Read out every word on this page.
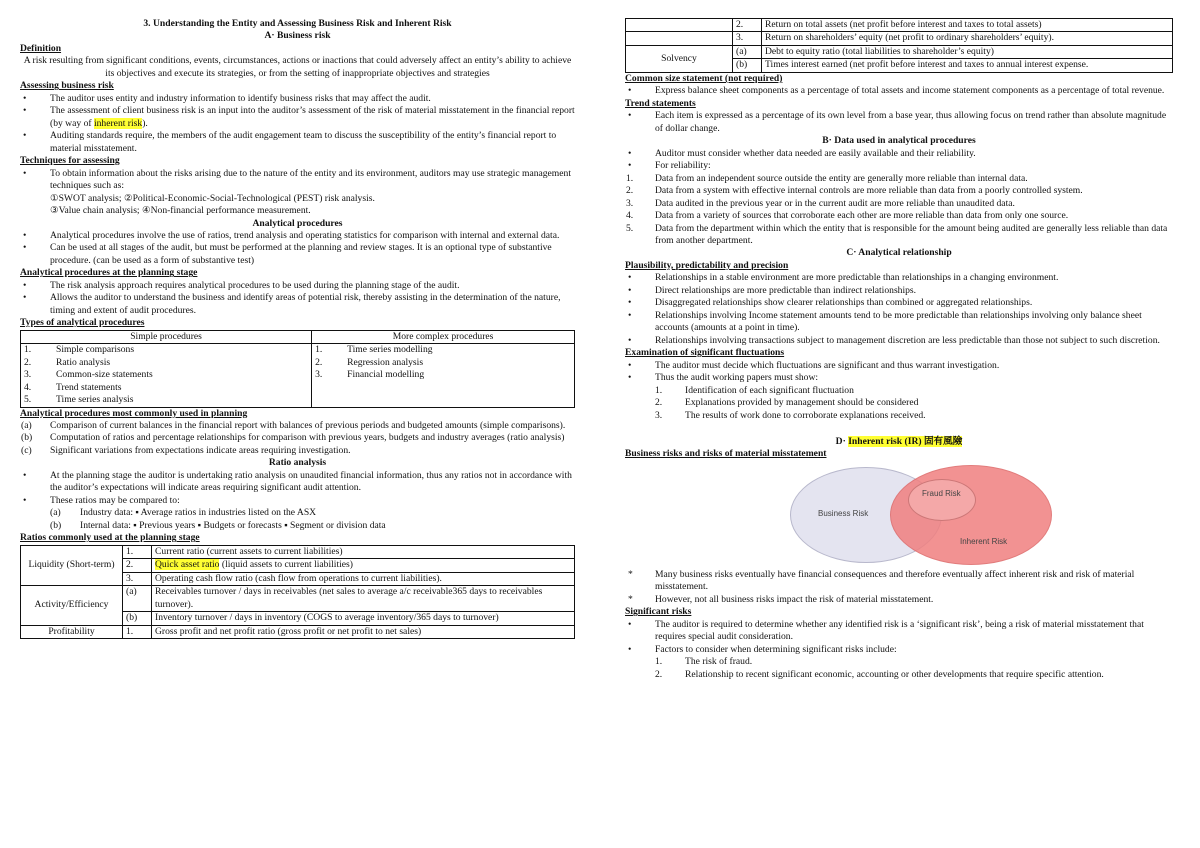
3. Understanding the Entity and Assessing Business Risk and Inherent Risk
A· Business risk
Definition

A risk resulting from significant conditions, events, circumstances, actions or inactions that could adversely affect an entity’s ability to achieve its objectives and execute its strategies, or from the setting of inappropriate objectives and strategies

Assessing business risk
• The auditor uses entity and industry information to identify business risks that may affect the audit.
• The assessment of client business risk is an input into the auditor’s assessment of the risk of material misstatement in the financial report (by way of inherent risk).
• Auditing standards require, the members of the audit engagement team to discuss the susceptibility of the entity’s financial report to material misstatement.
Techniques for assessing
• To obtain information about the risks arising due to the nature of the entity and its environment, auditors may use strategic management techniques such as:
①SWOT analysis; ②Political-Economic-Social-Technological (PEST) risk analysis.
③Value chain analysis; ④Non-financial performance measurement.
Analytical procedures
• Analytical procedures involve the use of ratios, trend analysis and operating statistics for comparison with internal and external data.
• Can be used at all stages of the audit, but must be performed at the planning and review stages. It is an optional type of substantive procedure. (can be used as a form of substantive test)
Analytical procedures at the planning stage
• The risk analysis approach requires analytical procedures to be used during the planning stage of the audit.
• Allows the auditor to understand the business and identify areas of potential risk, thereby assisting in the determination of the nature, timing and extent of audit procedures.
Types of analytical procedures
Simple procedures		More complex procedures	
1.	Simple comparisons	1.	Time series modelling
2.	Ratio analysis	2.	Regression analysis
3.	Common-size statements	3.	Financial modelling
4.	Trend statements		
5.	Time series analysis		
Analytical procedures most commonly used in planning
(a) Comparison of current balances in the financial report with balances of previous periods and budgeted amounts (simple comparisons).
(b) Computation of ratios and percentage relationships for comparison with previous years, budgets and industry averages (ratio analysis)
(c) Significant variations from expectations indicate areas requiring investigation.
Ratio analysis
• At the planning stage the auditor is undertaking ratio analysis on unaudited financial information, thus any ratios not in accordance with the auditor’s expectations will indicate areas requiring significant audit attention.
• These ratios may be compared to:
(a) Industry data: ▪ Average ratios in industries listed on the ASX
(b) Internal data: ▪ Previous years ▪ Budgets or forecasts ▪ Segment or division data
Ratios commonly used at the planning stage
Liquidity (Short-term)	1.	Current ratio (current assets to current liabilities)
	2.	Quick asset ratio (liquid assets to current liabilities)
	3.	Operating cash flow ratio (cash flow from operations to current liabilities).
Activity/Efficiency	(a)	Receivables turnover / days in receivables (net sales to average a/c receivable365 days to receivables turnover).
	(b)	Inventory turnover / days in inventory (COGS to average inventory/365 days to turnover)
Profitability	1.	Gross profit and net profit ratio (gross profit or net profit to net sales)
	2.	Return on total assets (net profit before interest and taxes to total assets)
	3.	Return on shareholders’ equity (net profit to ordinary shareholders’ equity).
Solvency	(a)	Debt to equity ratio (total liabilities to shareholder’s equity)
	(b)	Times interest earned (net profit before interest and taxes to annual interest expense.
Common size statement (not required)
• Express balance sheet components as a percentage of total assets and income statement components as a percentage of total revenue.
Trend statements
• Each item is expressed as a percentage of its own level from a base year, thus allowing focus on trend rather than absolute magnitude of dollar change.
B· Data used in analytical procedures
• Auditor must consider whether data needed are easily available and their reliability.
• For reliability:
1. Data from an independent source outside the entity are generally more reliable than internal data.
2. Data from a system with effective internal controls are more reliable than data from a poorly controlled system.
3. Data audited in the previous year or in the current audit are more reliable than unaudited data.
4. Data from a variety of sources that corroborate each other are more reliable than data from only one source.
5. Data from the department within which the entity that is responsible for the amount being audited are generally less reliable than data from another department.
C· Analytical relationship
Plausibility, predictability and precision
• Relationships in a stable environment are more predictable than relationships in a changing environment.
• Direct relationships are more predictable than indirect relationships.
• Disaggregated relationships show clearer relationships than combined or aggregated relationships.
• Relationships involving Income statement amounts tend to be more predictable than relationships involving only balance sheet accounts (amounts at a point in time).
• Relationships involving transactions subject to management discretion are less predictable than those not subject to such discretion.
Examination of significant fluctuations
• The auditor must decide which fluctuations are significant and thus warrant investigation.
• Thus the audit working papers must show:
1. Identification of each significant fluctuation
2. Explanations provided by management should be considered
3. The results of work done to corroborate explanations received.
D· Inherent risk (IR) 固有風險
Business risks and risks of material misstatement
Business Risk
Fraud Risk
Inherent Risk
* Many business risks eventually have financial consequences and therefore eventually affect inherent risk and risk of material misstatement.
* However, not all business risks impact the risk of material misstatement.
Significant risks
• The auditor is required to determine whether any identified risk is a ‘significant risk’, being a risk of material misstatement that requires special audit consideration.
• Factors to consider when determining significant risks include:
1. The risk of fraud.
2. Relationship to recent significant economic, accounting or other developments that require specific attention.
